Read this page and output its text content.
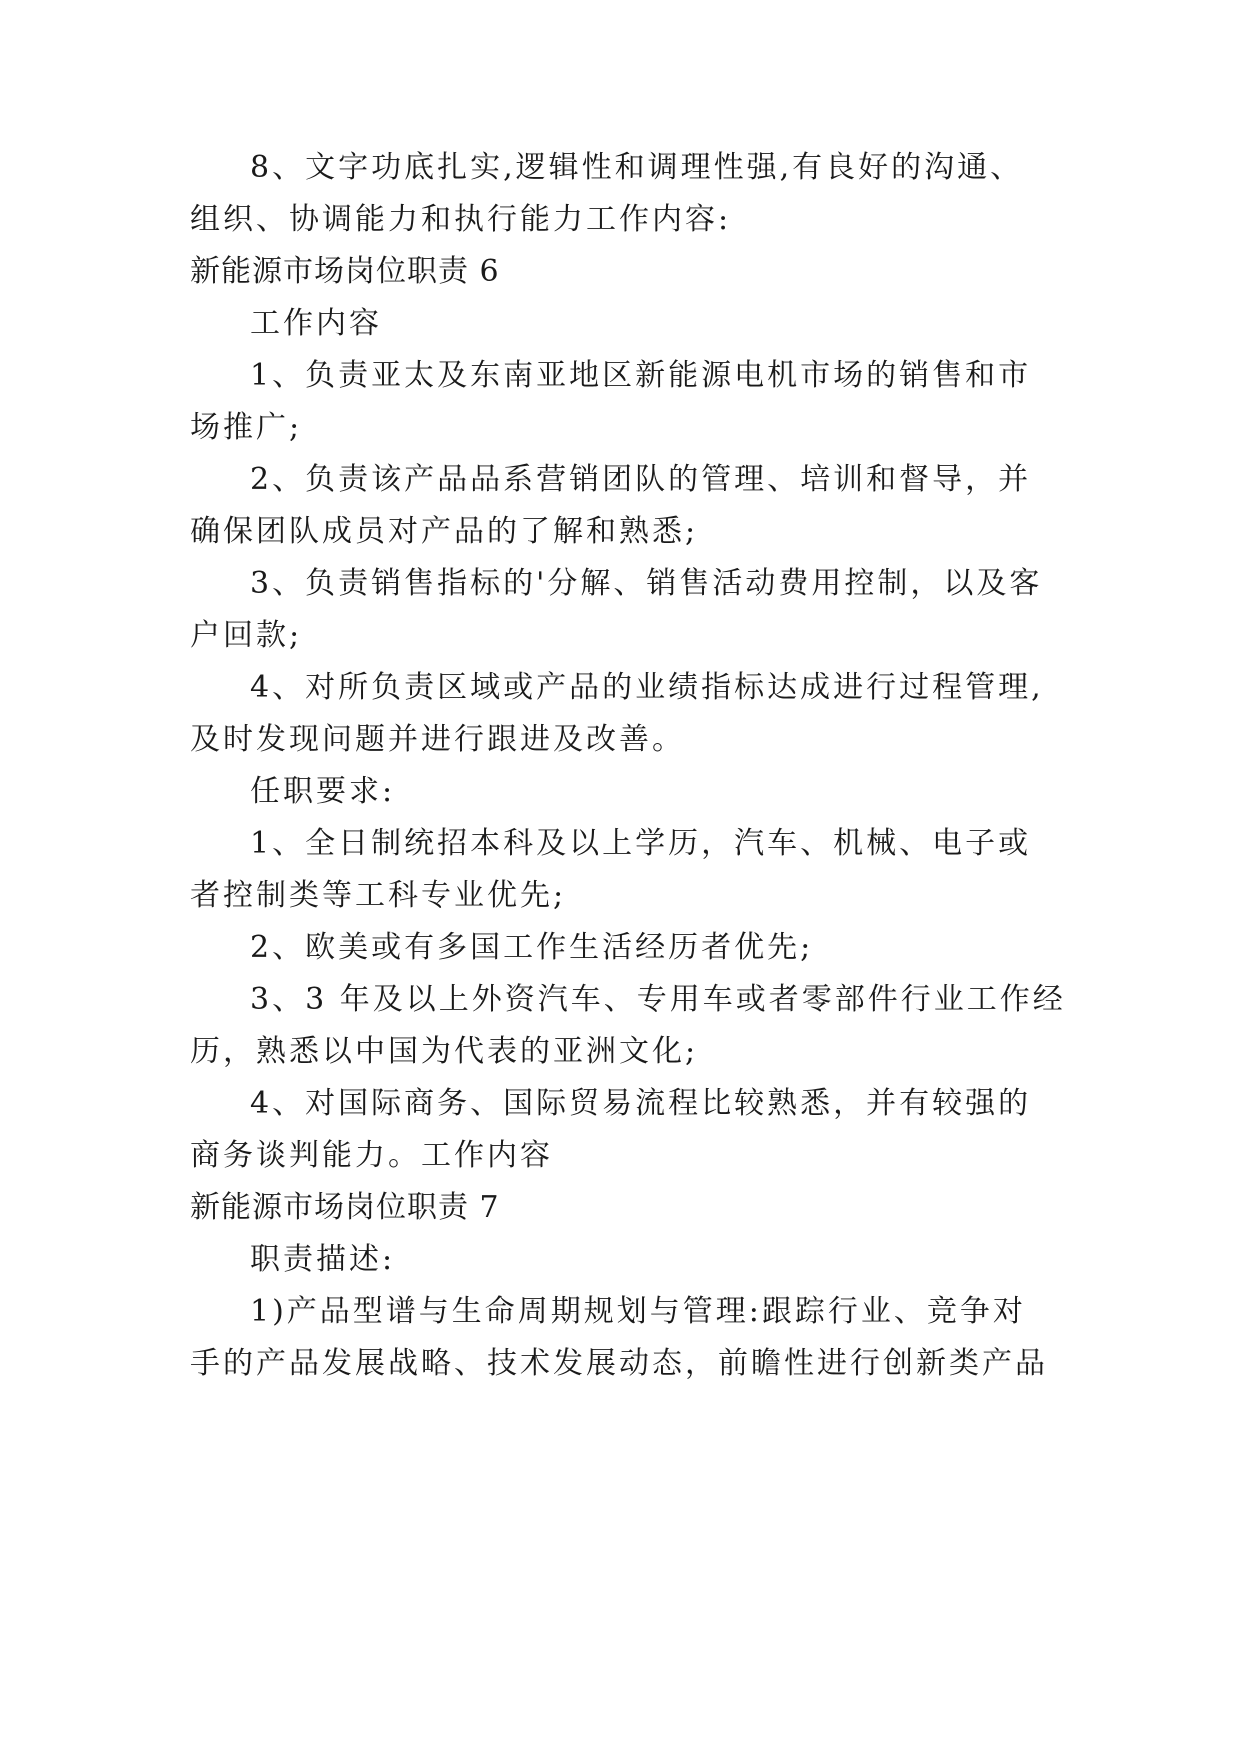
8、文字功底扎实,逻辑性和调理性强,有良好的沟通、
组织、协调能力和执行能力工作内容:
新能源市场岗位职责 6
工作内容
1、负责亚太及东南亚地区新能源电机市场的销售和市
场推广;
2、负责该产品品系营销团队的管理、培训和督导，并
确保团队成员对产品的了解和熟悉;
3、负责销售指标的'分解、销售活动费用控制，以及客
户回款;
4、对所负责区域或产品的业绩指标达成进行过程管理,
及时发现问题并进行跟进及改善。
任职要求:
1、全日制统招本科及以上学历，汽车、机械、电子或
者控制类等工科专业优先;
2、欧美或有多国工作生活经历者优先;
3、3 年及以上外资汽车、专用车或者零部件行业工作经
历，熟悉以中国为代表的亚洲文化;
4、对国际商务、国际贸易流程比较熟悉，并有较强的
商务谈判能力。工作内容
新能源市场岗位职责 7
职责描述:
1)产品型谱与生命周期规划与管理:跟踪行业、竞争对
手的产品发展战略、技术发展动态，前瞻性进行创新类产品
